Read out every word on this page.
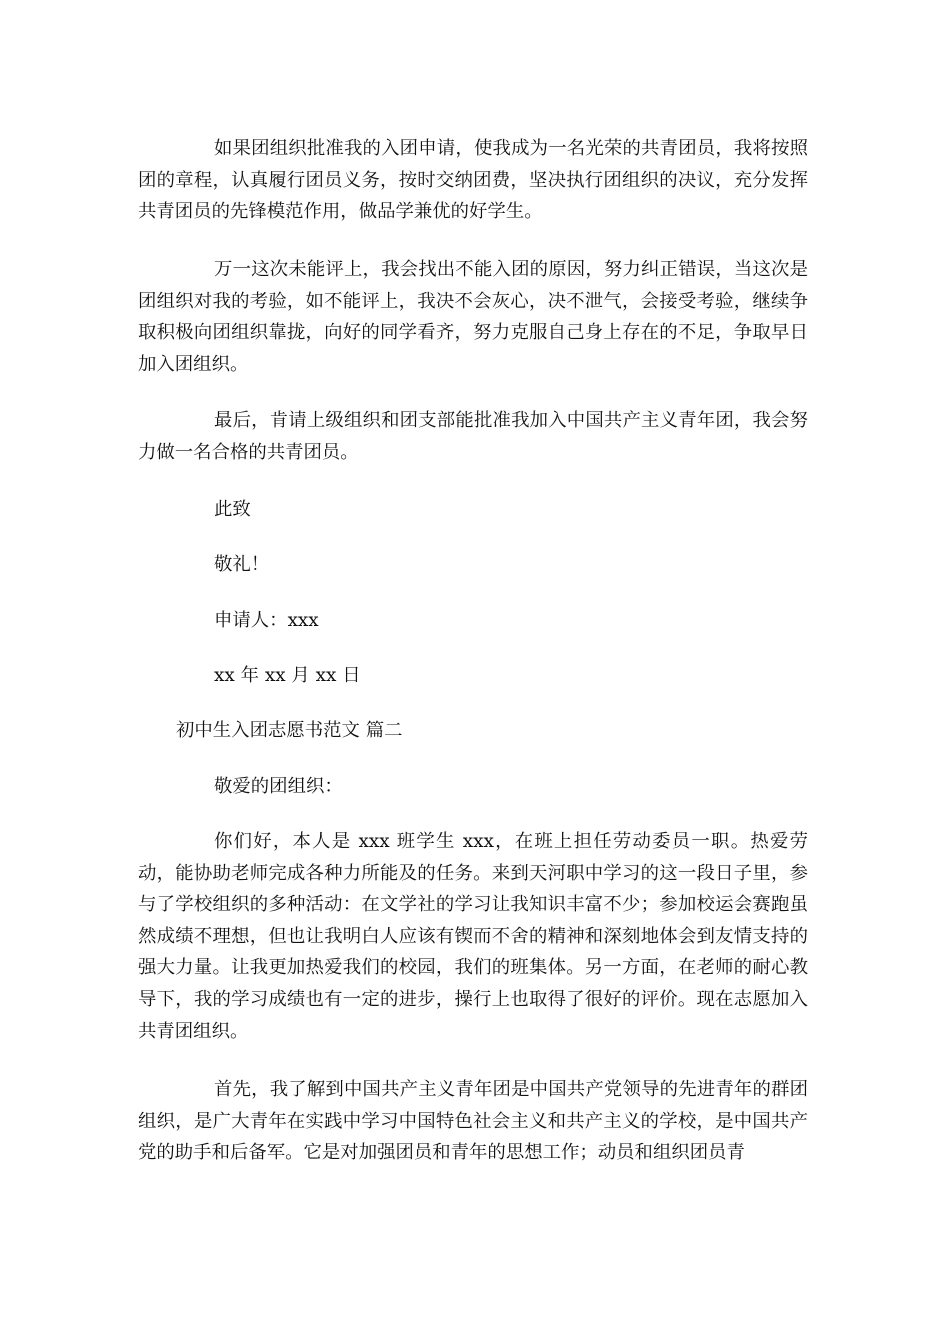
如果团组织批准我的入团申请，使我成为一名光荣的共青团员，我将按照团的章程，认真履行团员义务，按时交纳团费，坚决执行团组织的决议，充分发挥共青团员的先锋模范作用，做品学兼优的好学生。

万一这次未能评上，我会找出不能入团的原因，努力纠正错误，当这次是团组织对我的考验，如不能评上，我决不会灰心，决不泄气，会接受考验，继续争取积极向团组织靠拢，向好的同学看齐，努力克服自己身上存在的不足，争取早日加入团组织。

最后，肯请上级组织和团支部能批准我加入中国共产主义青年团，我会努力做一名合格的共青团员。

此致

敬礼！

申请人：xxx

xx 年 xx 月 xx 日

初中生入团志愿书范文 篇二

敬爱的团组织：

你们好，本人是 xxx 班学生 xxx，在班上担任劳动委员一职。热爱劳动，能协助老师完成各种力所能及的任务。来到天河职中学习的这一段日子里，参与了学校组织的多种活动：在文学社的学习让我知识丰富不少；参加校运会赛跑虽然成绩不理想，但也让我明白人应该有锲而不舍的精神和深刻地体会到友情支持的强大力量。让我更加热爱我们的校园，我们的班集体。另一方面，在老师的耐心教导下，我的学习成绩也有一定的进步，操行上也取得了很好的评价。现在志愿加入共青团组织。

首先，我了解到中国共产主义青年团是中国共产党领导的先进青年的群团组织，是广大青年在实践中学习中国特色社会主义和共产主义的学校，是中国共产党的助手和后备军。它是对加强团员和青年的思想工作；动员和组织团员青
